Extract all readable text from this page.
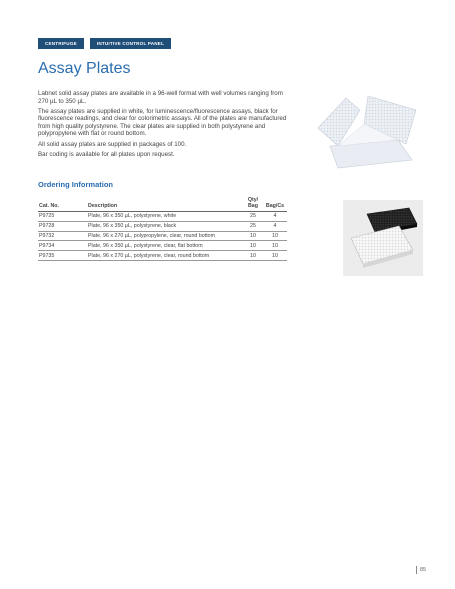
CENTRIFUGE	INTUITIVE CONTROL PANEL
Assay Plates

Labnet solid assay plates are available in a 96-well format with well volumes ranging from 270 µL to 350 µL.

The assay plates are supplied in white, for luminescence/fluorescence assays, black for fluorescence readings, and clear for colorimetric assays. All of the plates are manufactured from high quality polystyrene. The clear plates are supplied in both polystyrene and polypropylene with flat or round bottom.

All solid assay plates are supplied in packages of 100.

Bar coding is available for all plates upon request.

Ordering Information
Cat. No.	Description	Qty/ Bag	Bag/Cs
P9725	Plate, 96 x 350 µL, polystyrene, white	25	4
P9728	Plate, 96 x 350 µL, polystyrene, black	25	4
P9732	Plate, 96 x 270 µL, polypropylene, clear, round bottom	10	10
P9734	Plate, 96 x 350 µL, polystyrene, clear, flat bottom	10	10
P9735	Plate, 96 x 270 µL, polystyrene, clear, round bottom	10	10
85
